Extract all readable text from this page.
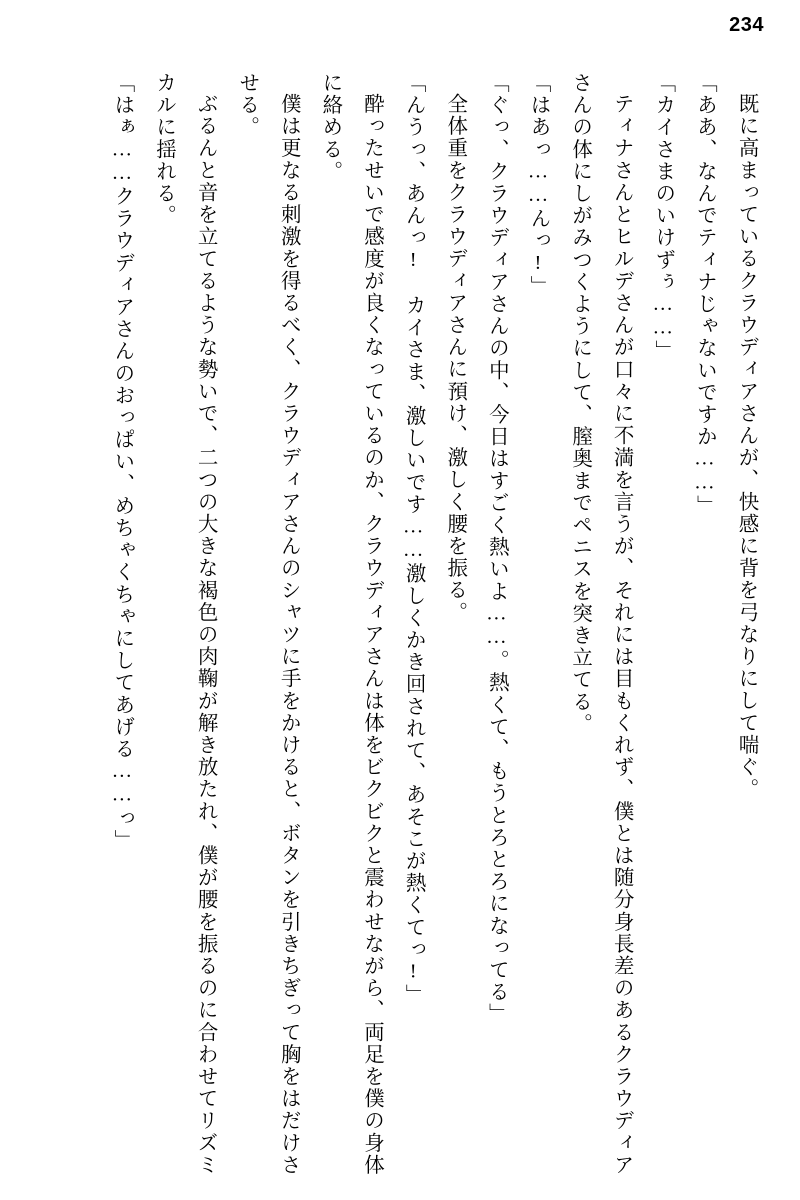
234

既に高まっているクラウディアさんが、快感に背を弓なりにして喘ぐ。

「ああ、なんでティナじゃないですか……」

「カイさまのいけずぅ……」

ティナさんとヒルデさんが口々に不満を言うが、それには目もくれず、僕とは随分身長差のあるクラウディアさんの体にしがみつくようにして、膣奥までペニスを突き立てる。

「はあっ……んっ!」

「ぐっ、クラウディアさんの中、今日はすごく熱いよ……。熱くて、もうとろとろになってる」

全体重をクラウディアさんに預け、激しく腰を振る。

「んうっ、あんっ!　カイさま、激しいです……激しくかき回されて、あそこが熱くてっ!」

酔ったせいで感度が良くなっているのか、クラウディアさんは体をビクビクと震わせながら、両足を僕の身体に絡める。

僕は更なる刺激を得るべく、クラウディアさんのシャツに手をかけると、ボタンを引きちぎって胸をはだけさせる。

ぶるんと音を立てるような勢いで、二つの大きな褐色の肉鞠が解き放たれ、僕が腰を振るのに合わせてリズミカルに揺れる。

「はぁ……クラウディアさんのおっぱい、めちゃくちゃにしてあげる……っ」
